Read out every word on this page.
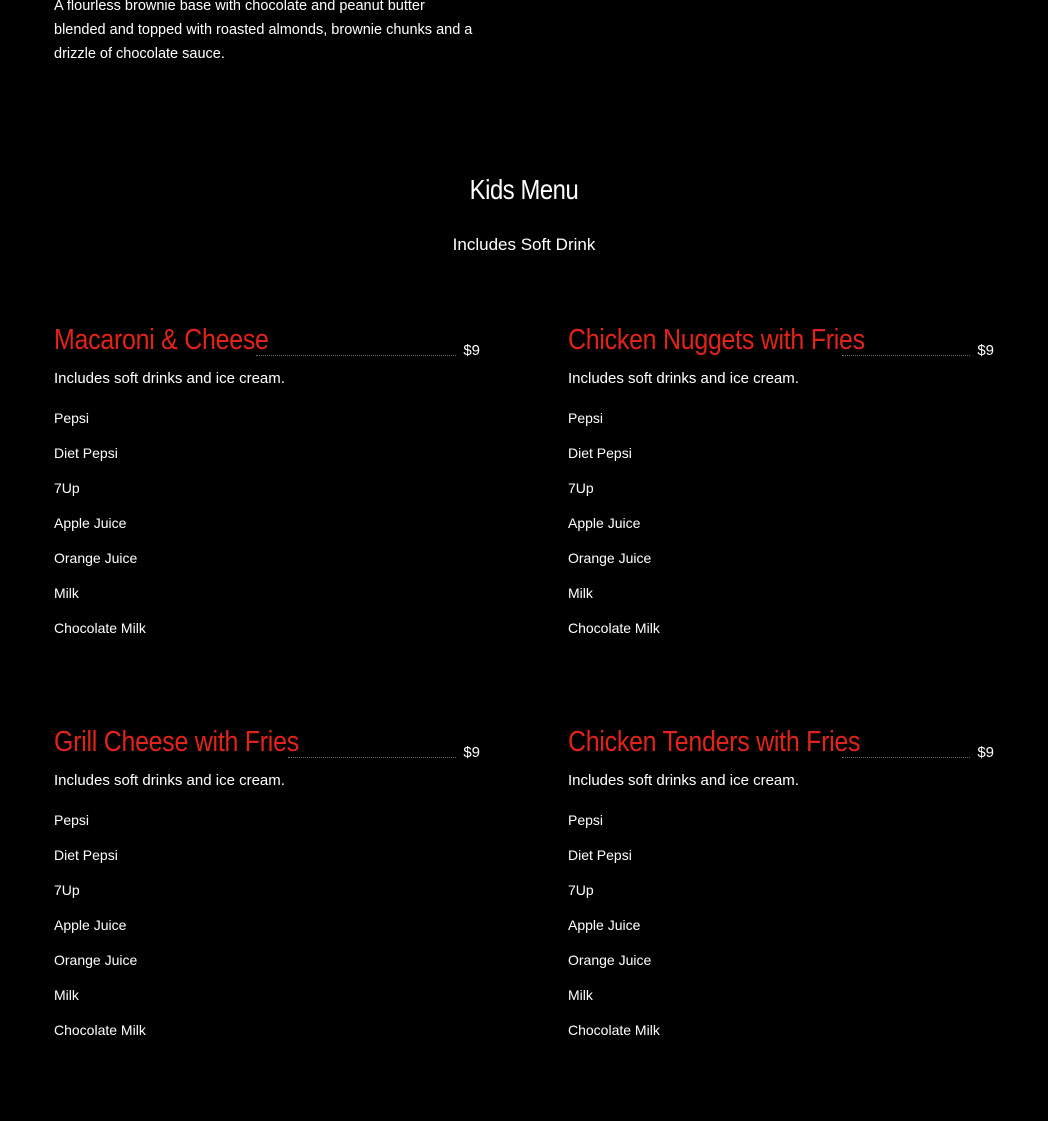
A flourless brownie base with chocolate and peanut butter blended and topped with roasted almonds, brownie chunks and a drizzle of chocolate sauce.

Kids Menu

Includes Soft Drink

Macaroni & Cheese	$9

Includes soft drinks and ice cream.

Pepsi
Diet Pepsi
7Up
Apple Juice
Orange Juice
Milk
Chocolate Milk
Chicken Nuggets with Fries	$9

Includes soft drinks and ice cream.

Pepsi
Diet Pepsi
7Up
Apple Juice
Orange Juice
Milk
Chocolate Milk
Grill Cheese with Fries	$9

Includes soft drinks and ice cream.

Pepsi
Diet Pepsi
7Up
Apple Juice
Orange Juice
Milk
Chocolate Milk
Chicken Tenders with Fries	$9

Includes soft drinks and ice cream.

Pepsi
Diet Pepsi
7Up
Apple Juice
Orange Juice
Milk
Chocolate Milk
